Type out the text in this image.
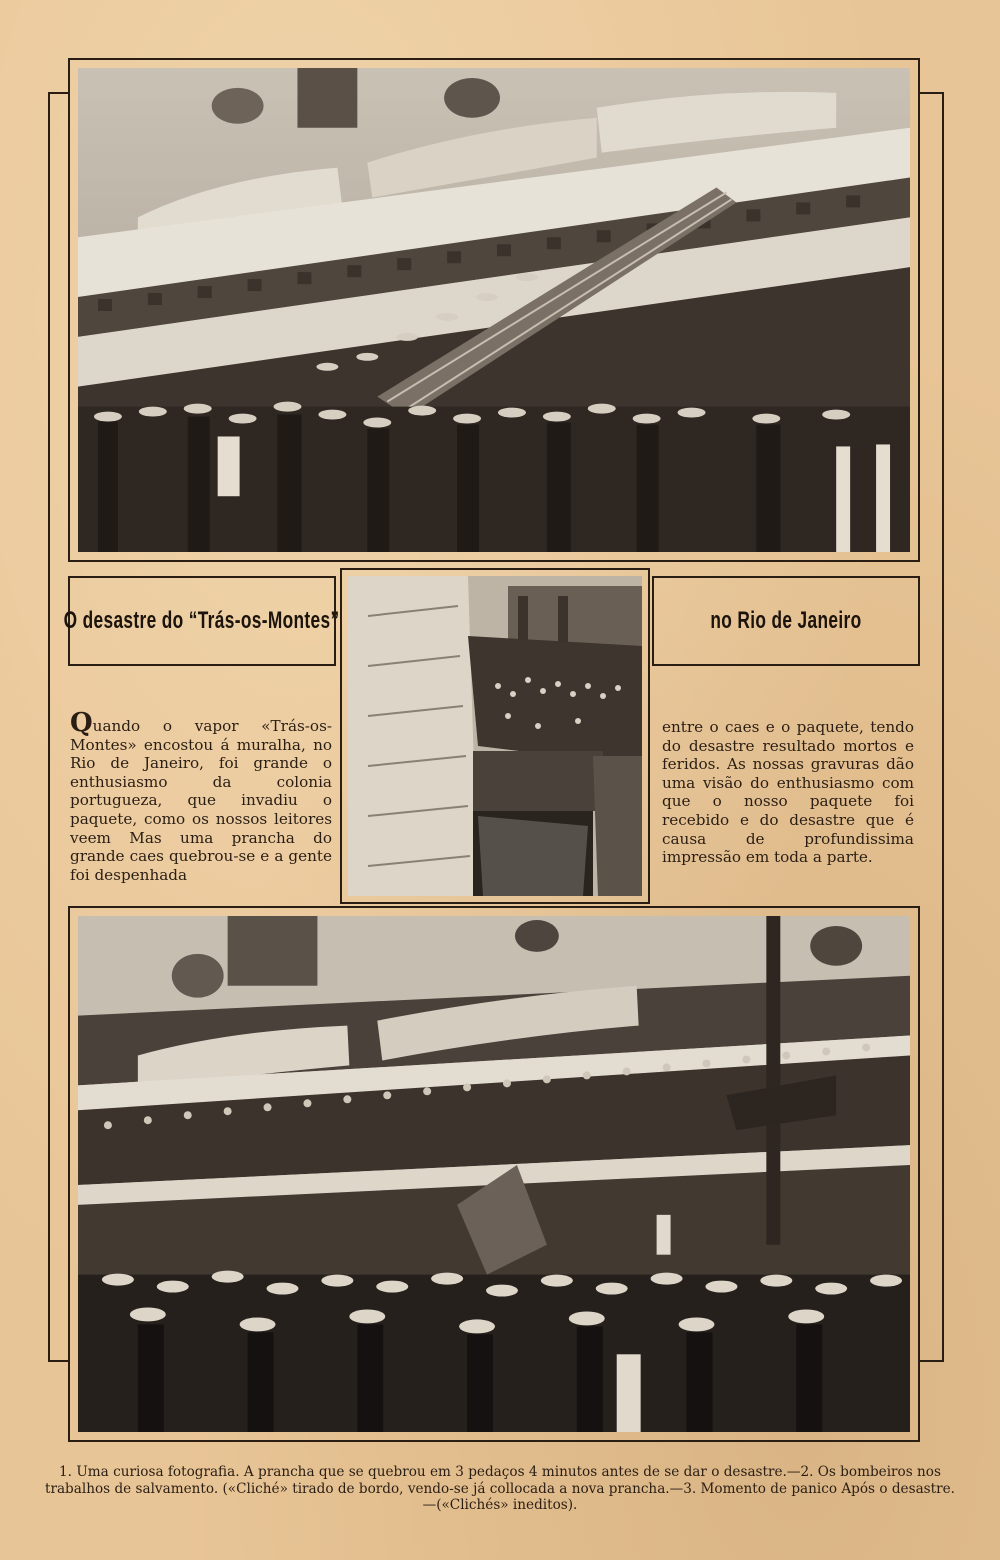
O desastre do “Trás-os-Montes”	no Rio de Janeiro
Quando o vapor «Trás-os-Montes» encostou á muralha, no Rio de Janeiro, foi grande o enthusiasmo da colonia portugueza, que invadiu o paquete, como os nossos leitores veem Mas uma prancha do grande caes quebrou-se e a gente foi despenhada
entre o caes e o paquete, tendo do desastre resultado mortos e feridos. As nossas gravuras dão uma visão do enthusiasmo com que o nosso paquete foi recebido e do desastre que é causa de profundissima impressão em toda a parte.
1. Uma curiosa fotografia. A prancha que se quebrou em 3 pedaços 4 minutos antes de se dar o desastre.—2. Os bombeiros nos trabalhos de salvamento. («Cliché» tirado de bordo, vendo-se já collocada a nova prancha.—3. Momento de panico Após o desastre.—(«Clichés» ineditos).
